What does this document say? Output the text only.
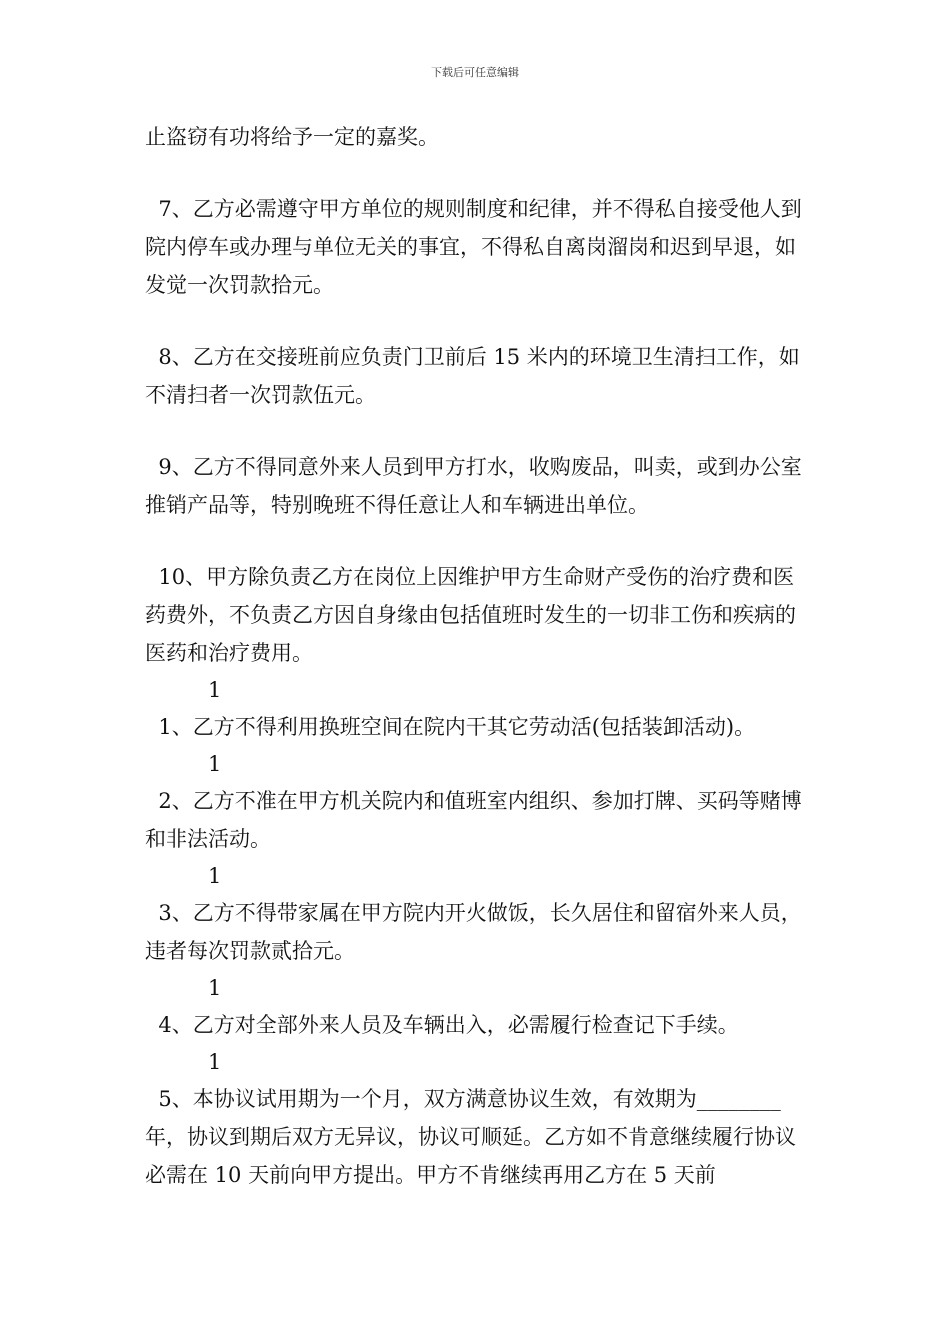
下载后可任意编辑

止盗窃有功将给予一定的嘉奖。

7、乙方必需遵守甲方单位的规则制度和纪律，并不得私自接受他人到院内停车或办理与单位无关的事宜，不得私自离岗溜岗和迟到早退，如发觉一次罚款拾元。

8、乙方在交接班前应负责门卫前后 15 米内的环境卫生清扫工作，如不清扫者一次罚款伍元。

9、乙方不得同意外来人员到甲方打水，收购废品，叫卖，或到办公室推销产品等，特别晚班不得任意让人和车辆进出单位。

10、甲方除负责乙方在岗位上因维护甲方生命财产受伤的治疗费和医药费外，不负责乙方因自身缘由包括值班时发生的一切非工伤和疾病的医药和治疗费用。

1

1、乙方不得利用换班空间在院内干其它劳动活(包括装卸活动)。

1

2、乙方不准在甲方机关院内和值班室内组织、参加打牌、买码等赌博和非法活动。

1

3、乙方不得带家属在甲方院内开火做饭，长久居住和留宿外来人员，违者每次罚款贰拾元。

1

4、乙方对全部外来人员及车辆出入，必需履行检查记下手续。

1

5、本协议试用期为一个月，双方满意协议生效，有效期为________年，协议到期后双方无异议，协议可顺延。乙方如不肯意继续履行协议必需在 10 天前向甲方提出。甲方不肯继续再用乙方在 5 天前
